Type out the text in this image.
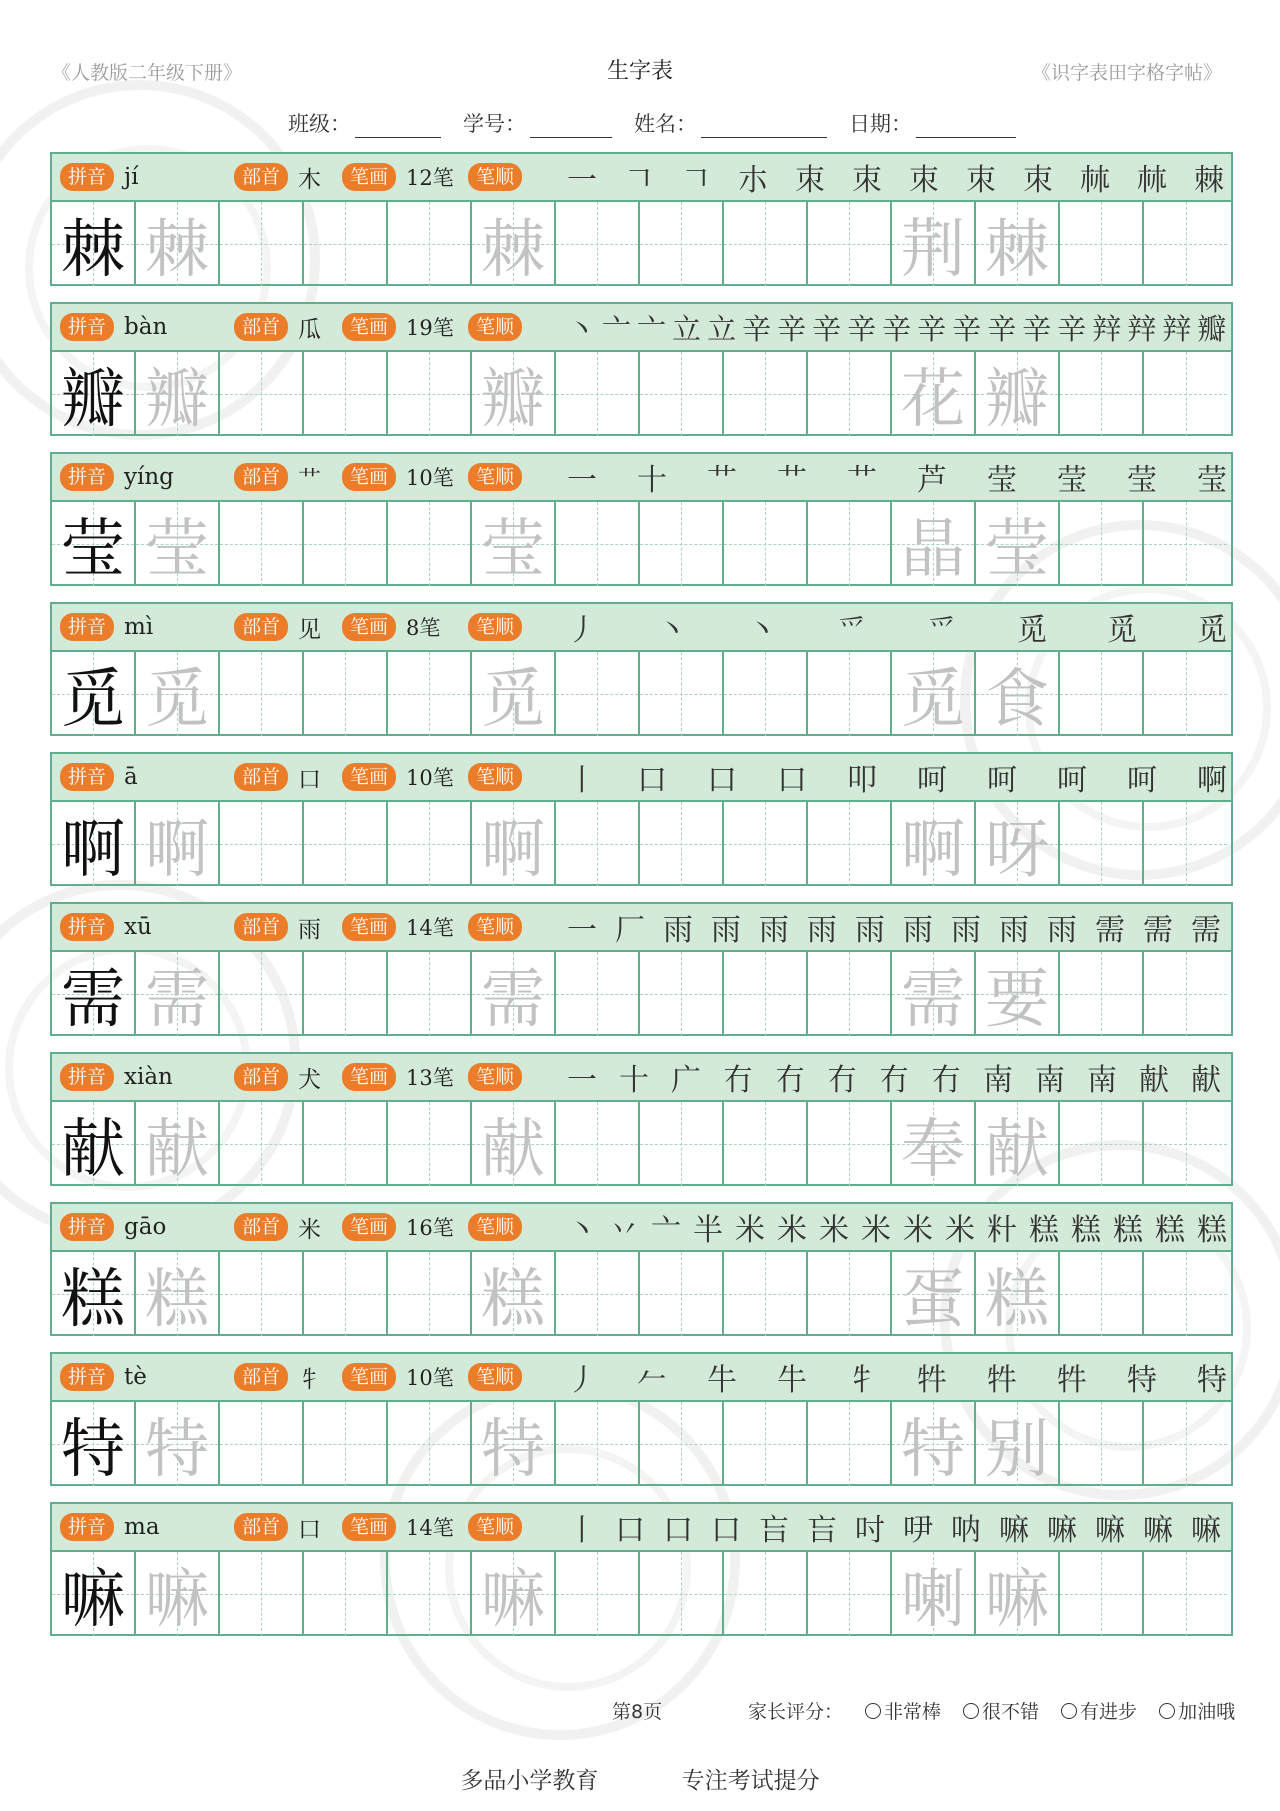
《人教版二年级下册》	生字表	《识字表田字格字帖》
班级：	学号：	姓名：	日期：
拼音 jí	部首 木	笔画 12笔	笔顺 一 𠃍 𠃍 朩 朿 朿 朿 朿 朿 𣏟 𣏟 棘
棘 棘	棘	荆 棘
拼音 bàn	部首 瓜	笔画 19笔	笔顺 丶 亠 亠 立 立 辛 辛 辛 辛 辛 辛 辛 辛 辛 辛 辡 辡 辡 瓣
瓣 瓣	瓣	花 瓣
拼音 yíng	部首 艹	笔画 10笔	笔顺 一 十 艹 艹 艹 芦 莹 莹 莹 莹
莹 莹	莹	晶 莹
拼音 mì	部首 见	笔画 8笔	笔顺 丿 丶 丶 爫 爫 觅 觅 觅
觅 觅	觅	觅 食
拼音 ā	部首 口	笔画 10笔	笔顺 丨 口 口 口 叩 呵 呵 呵 呵 啊
啊 啊	啊	啊 呀
拼音 xū	部首 雨	笔画 14笔	笔顺 一 厂 雨 雨 雨 雨 雨 雨 雨 雨 雨 需 需 需
需 需	需	需 要
拼音 xiàn	部首 犬	笔画 13笔	笔顺 一 十 广 冇 冇 冇 冇 冇 南 南 南 献 献
献 献	献	奉 献
拼音 gāo	部首 米	笔画 16笔	笔顺 丶 丷 亠 半 米 米 米 米 米 米 籵 糕 糕 糕 糕 糕
糕 糕	糕	蛋 糕
拼音 tè	部首 牜	笔画 10笔	笔顺 丿 𠂉 牛 牛 牜 牪 牪 牪 特 特
特 特	特	特 别
拼音 ma	部首 口	笔画 14笔	笔顺 丨 口 口 口 吂 吂 吋 吚 呐 嘛 嘛 嘛 嘛 嘛
嘛 嘛	嘛	喇 嘛
第8页	家长评分： 非常棒 很不错 有进步 加油哦
多品小学教育	专注考试提分
